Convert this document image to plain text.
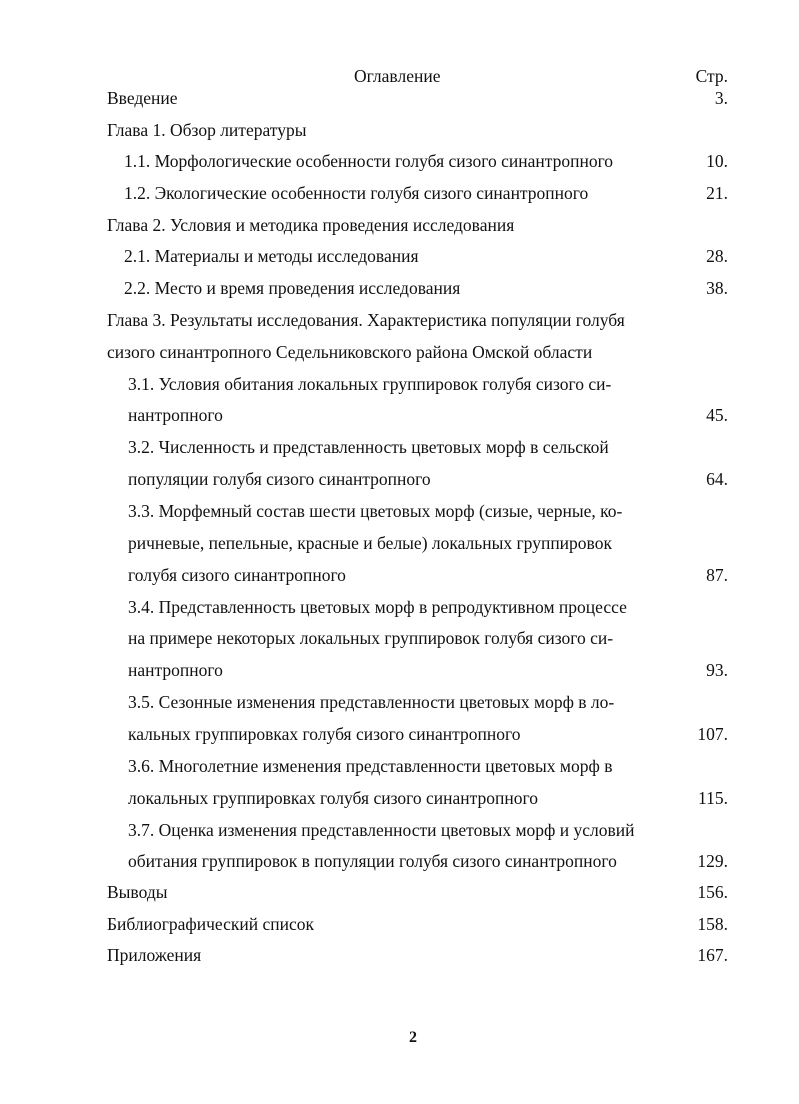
Оглавление	Стр.
Введение	3.
Глава 1. Обзор литературы
1.1. Морфологические особенности голубя сизого синантропного	10.
1.2. Экологические особенности голубя сизого синантропного	21.
Глава 2. Условия и методика проведения исследования
2.1. Материалы и методы исследования	28.
2.2. Место и время проведения исследования	38.
Глава 3. Результаты исследования. Характеристика популяции голубя
сизого синантропного Седельниковского района Омской области
3.1. Условия обитания локальных группировок голубя сизого си-
нантропного	45.
3.2. Численность и представленность цветовых морф в сельской
популяции голубя сизого синантропного	64.
3.3. Морфемный состав шести цветовых морф (сизые, черные, ко-
ричневые, пепельные, красные и белые) локальных группировок
голубя сизого синантропного	87.
3.4. Представленность цветовых морф в репродуктивном процессе
на примере некоторых локальных группировок голубя сизого си-
нантропного	93.
3.5. Сезонные изменения представленности цветовых морф в ло-
кальных группировках голубя сизого синантропного	107.
3.6. Многолетние изменения представленности цветовых морф в
локальных группировках голубя сизого синантропного	115.
3.7. Оценка изменения представленности цветовых морф и условий
обитания группировок в популяции голубя сизого синантропного	129.
Выводы	156.
Библиографический список	158.
Приложения	167.
2
